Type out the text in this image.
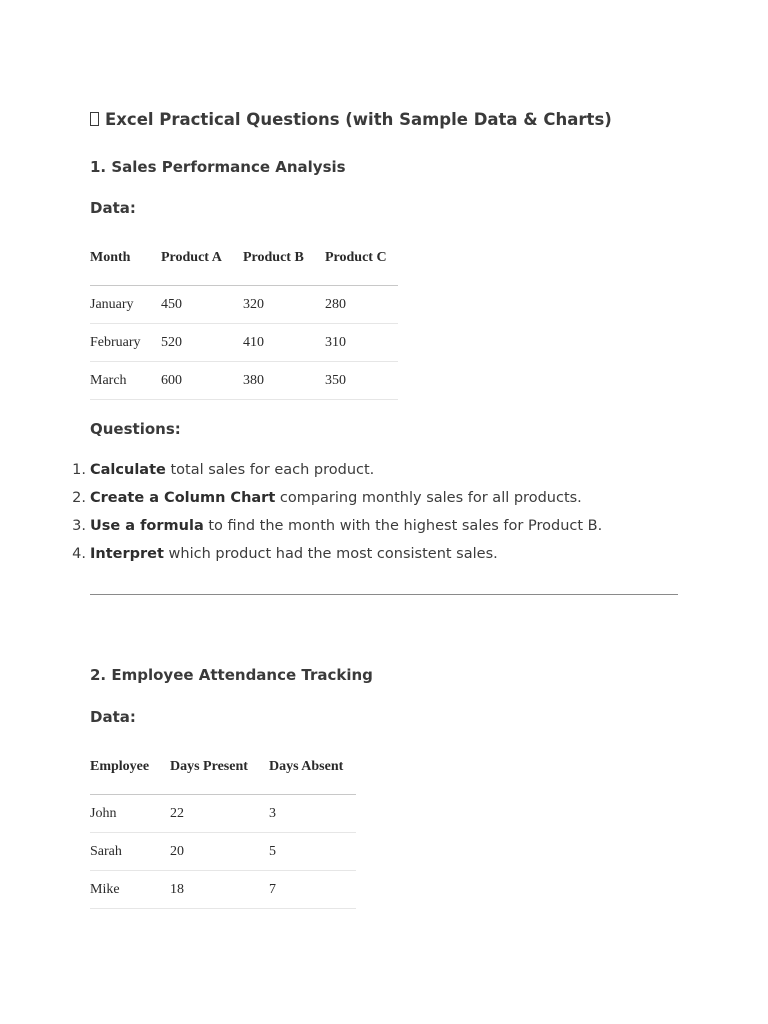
Excel Practical Questions (with Sample Data & Charts)
1. Sales Performance Analysis
Data:
Month	Product A	Product B	Product C
January	450	320	280
February	520	410	310
March	600	380	350
Questions:
1. Calculate total sales for each product.
2. Create a Column Chart comparing monthly sales for all products.
3. Use a formula to find the month with the highest sales for Product B.
4. Interpret which product had the most consistent sales.
2. Employee Attendance Tracking
Data:
Employee	Days Present	Days Absent
John	22	3
Sarah	20	5
Mike	18	7
